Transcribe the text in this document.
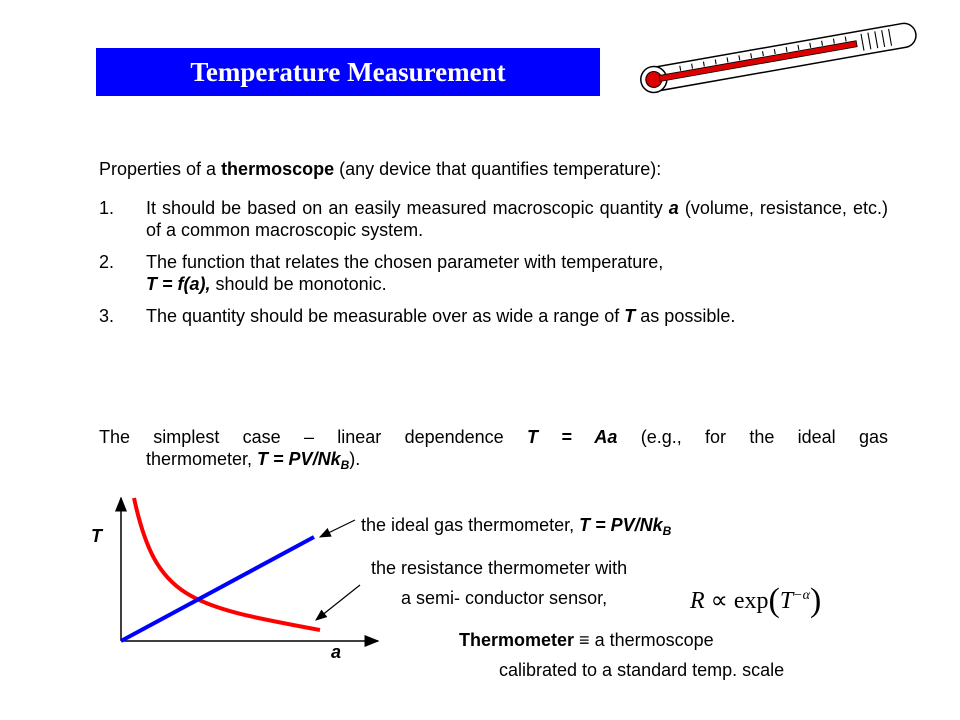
Temperature Measurement
Properties of a thermoscope (any device that quantifies temperature):
1. It should be based on an easily measured macroscopic quantity a (volume, resistance, etc.) of a common macroscopic system.
2. The function that relates the chosen parameter with temperature,
T = f(a), should be monotonic.
3. The quantity should be measurable over as wide a range of T as possible.
The simplest case – linear dependence T = Aa (e.g., for the ideal gas
thermometer, $T = PV/Nk_B$).
T
a
the ideal gas thermometer, $T = PV/Nk_B$
the resistance thermometer with
a semi- conductor sensor,	$R \propto \exp(T^{-\alpha})$
Thermometer ≡ a thermoscope
calibrated to a standard temp. scale
